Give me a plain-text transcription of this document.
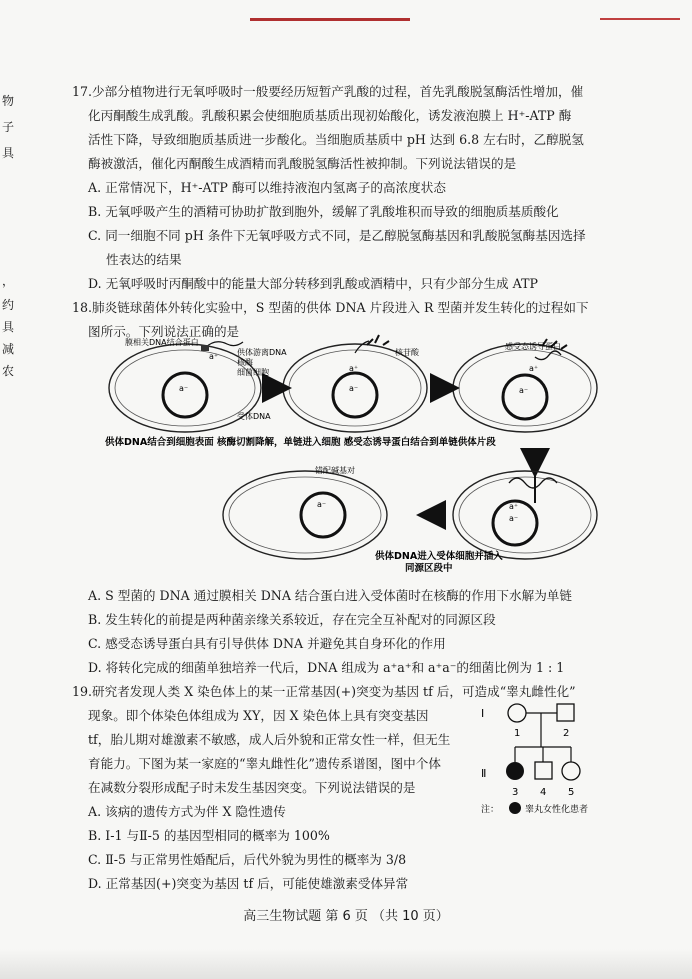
物
子
具
，
约
具
减
农
17.少部分植物进行无氧呼吸时一般要经历短暂产乳酸的过程，首先乳酸脱氢酶活性增加，催
化丙酮酸生成乳酸。乳酸积累会使细胞质基质出现初始酸化，诱发液泡膜上 H⁺-ATP 酶
活性下降，导致细胞质基质进一步酸化。当细胞质基质中 pH 达到 6.8 左右时，乙醇脱氢
酶被激活，催化丙酮酸生成酒精而乳酸脱氢酶活性被抑制。下列说法错误的是
A. 正常情况下，H⁺-ATP 酶可以维持液泡内氢离子的高浓度状态
B. 无氧呼吸产生的酒精可协助扩散到胞外，缓解了乳酸堆积而导致的细胞质基质酸化
C. 同一细胞不同 pH 条件下无氧呼吸方式不同，是乙醇脱氢酶基因和乳酸脱氢酶基因选择
性表达的结果
D. 无氧呼吸时丙酮酸中的能量大部分转移到乳酸或酒精中，只有少部分生成 ATP
18.肺炎链球菌体外转化实验中，S 型菌的供体 DNA 片段进入 R 型菌并发生转化的过程如下
图所示。下列说法正确的是
A. S 型菌的 DNA 通过膜相关 DNA 结合蛋白进入受体菌时在核酶的作用下水解为单链
B. 发生转化的前提是两种菌亲缘关系较近，存在完全互补配对的同源区段
C. 感受态诱导蛋白具有引导供体 DNA 并避免其自身环化的作用
D. 将转化完成的细菌单独培养一代后，DNA 组成为 a⁺a⁺和 a⁺a⁻的细菌比例为 1 : 1
19.研究者发现人类 X 染色体上的某一正常基因(+)突变为基因 tf 后，可造成“睾丸雌性化”
现象。即个体染色体组成为 XY，因 X 染色体上具有突变基因
tf，胎儿期对雄激素不敏感，成人后外貌和正常女性一样，但无生
育能力。下图为某一家庭的“睾丸雌性化”遗传系谱图，图中个体
在减数分裂形成配子时未发生基因突变。下列说法错误的是
A. 该病的遗传方式为伴 X 隐性遗传
B. Ⅰ-1 与Ⅱ-5 的基因型相同的概率为 100%
C. Ⅱ-5 与正常男性婚配后，后代外貌为男性的概率为 3/8
D. 正常基因(+)突变为基因 tf 后，可能使雄激素受体异常
膜相关DNA结合蛋白
供体游离DNA
核酶
细菌细胞
受体DNA
核苷酸
感受态诱导蛋白
错配碱基对
a⁻
a⁺
a⁻
a⁺
a⁻
a⁺
a⁺
a⁻
a⁻
供体DNA结合到细胞表面 核酶切割降解，单链进入细胞 感受态诱导蛋白结合到单链供体片段
供体DNA进入受体细胞并插入
同源区段中
Ⅰ
Ⅱ
1	2
3 4 5
注：	睾丸女性化患者
高三生物试题 第 6 页 （共 10 页）
